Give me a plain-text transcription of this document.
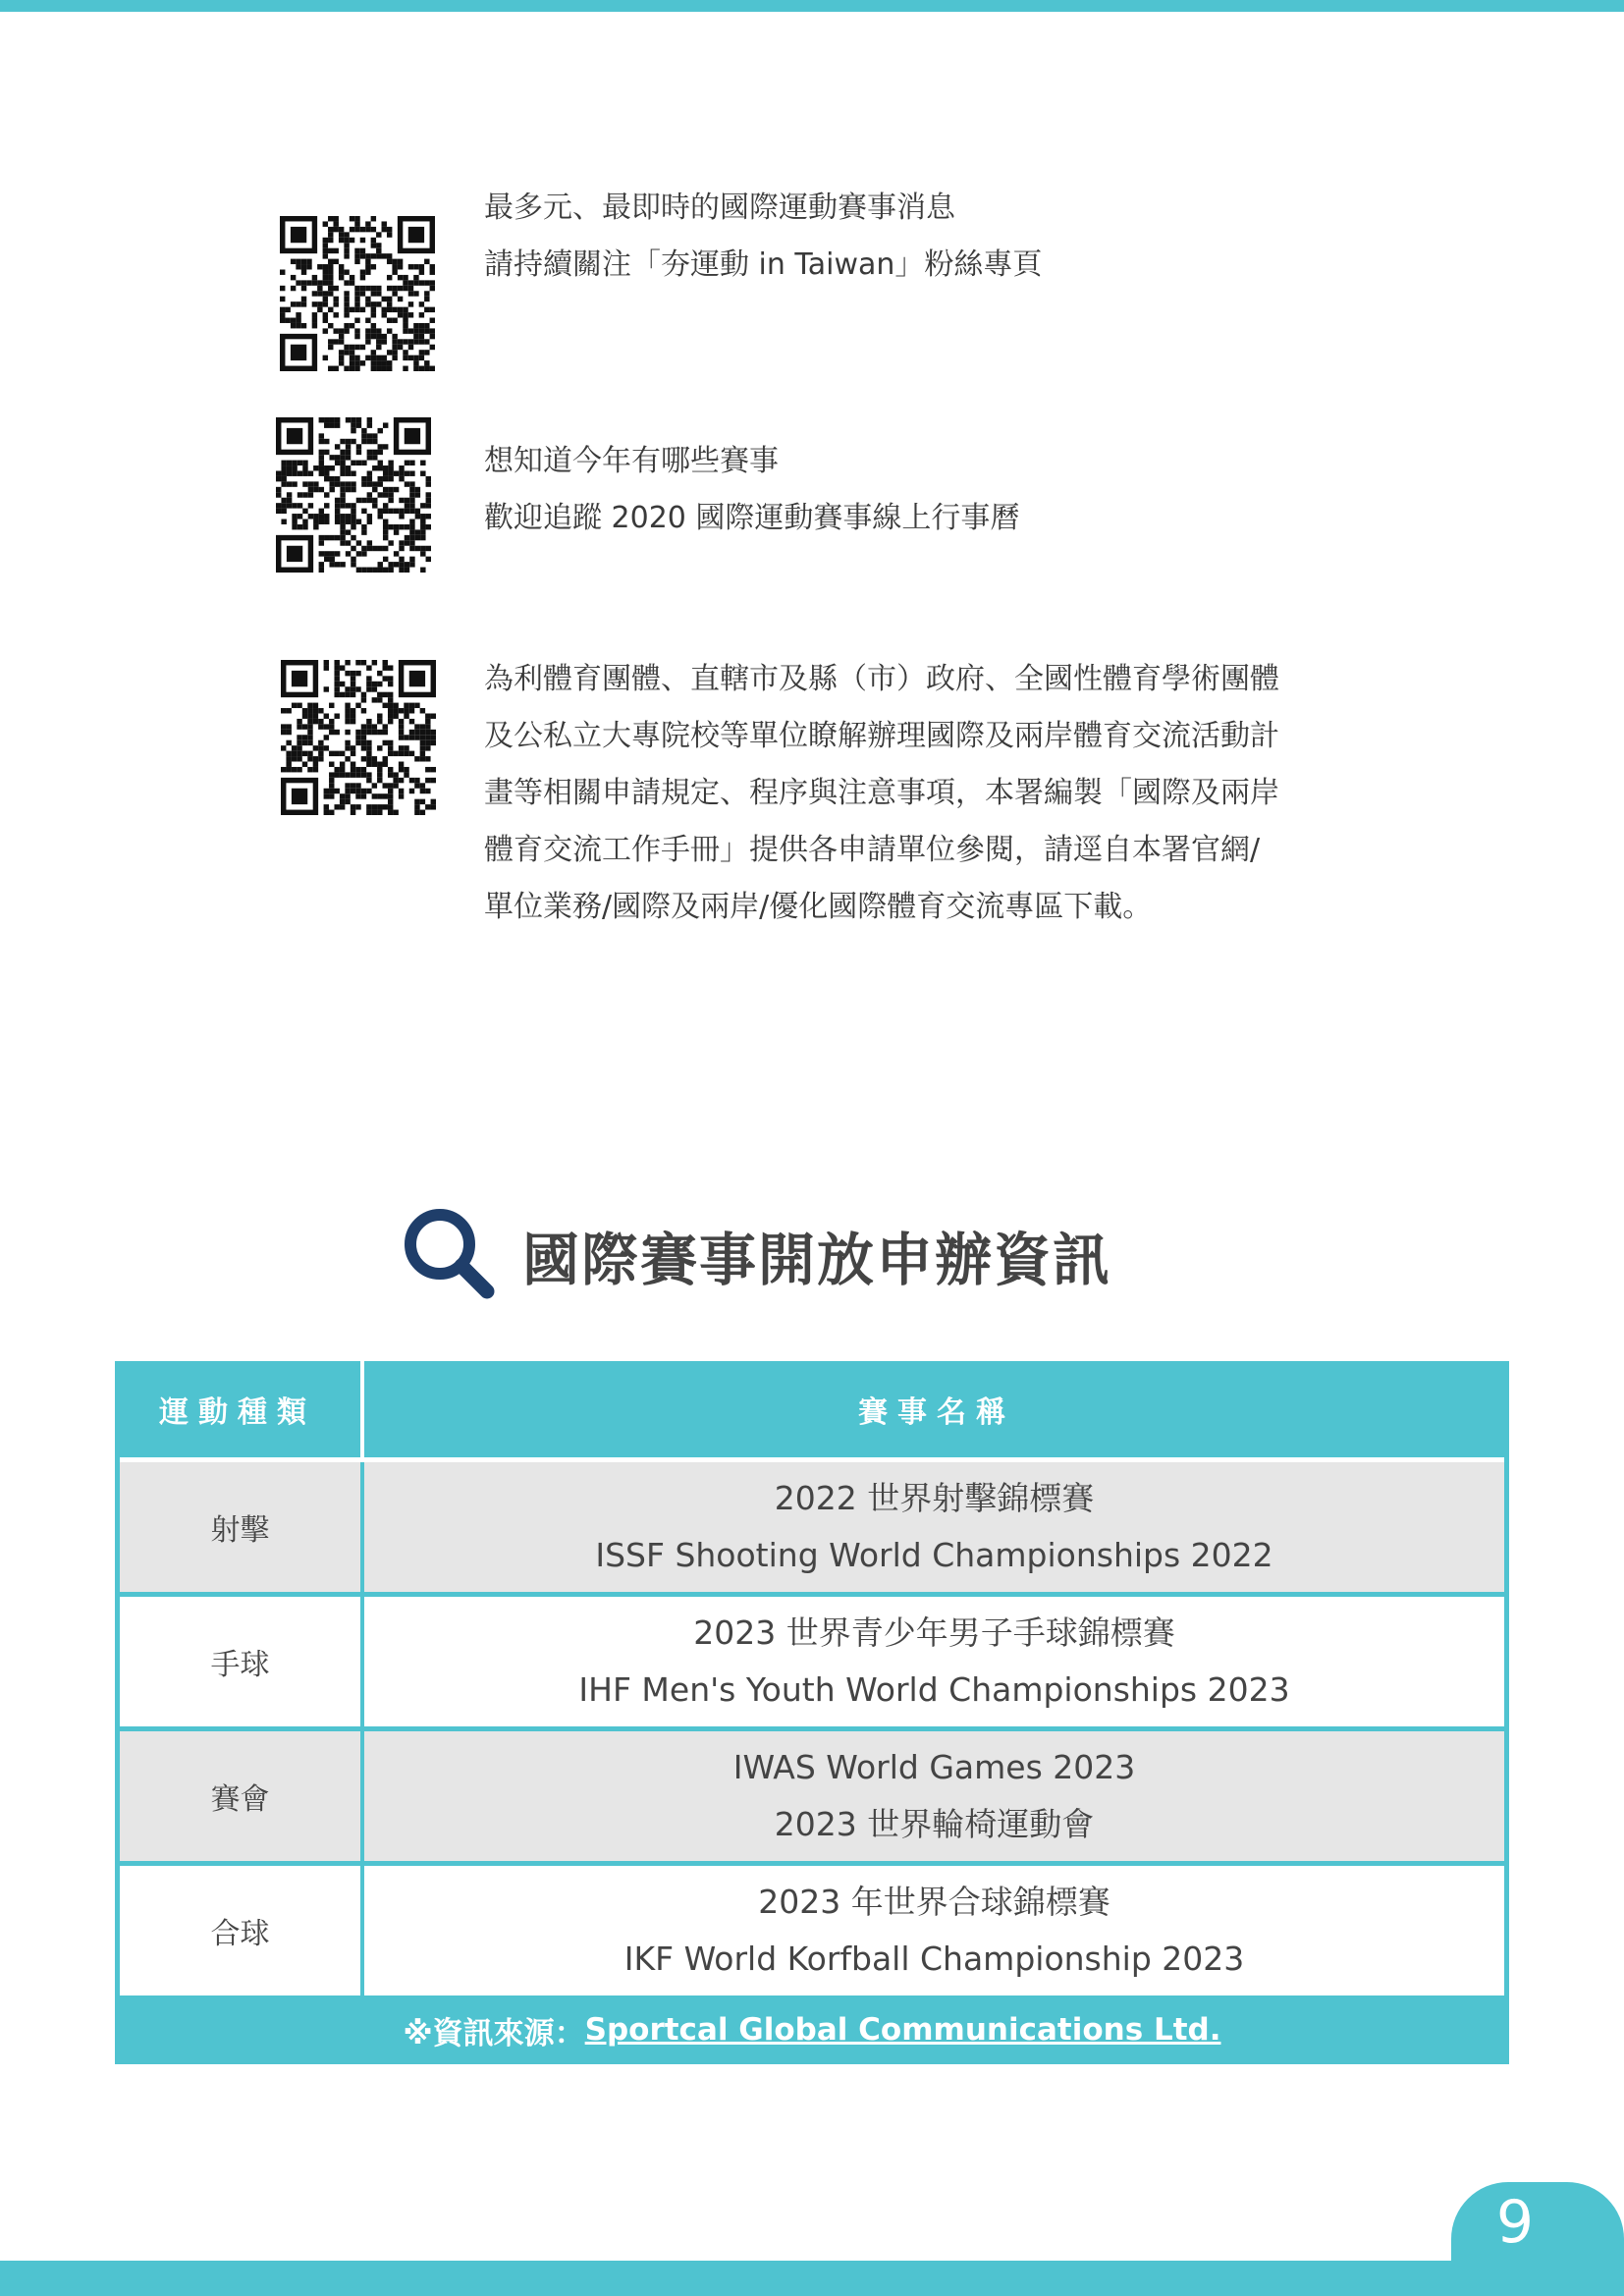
最多元、最即時的國際運動賽事消息

請持續關注「夯運動 in Taiwan」粉絲專頁

想知道今年有哪些賽事

歡迎追蹤 2020 國際運動賽事線上行事曆

為利體育團體、直轄市及縣（市）政府、全國性體育學術團體

及公私立大專院校等單位瞭解辦理國際及兩岸體育交流活動計

畫等相關申請規定、程序與注意事項，本署編製「國際及兩岸

體育交流工作手冊」提供各申請單位參閱，請逕自本署官網/

單位業務/國際及兩岸/優化國際體育交流專區下載。

國際賽事開放申辦資訊
運動種類	賽事名稱
射擊
2022 世界射擊錦標賽
ISSF Shooting World Championships 2022
手球
2023 世界青少年男子手球錦標賽
IHF Men's Youth World Championships 2023
賽會
IWAS World Games 2023
2023 世界輪椅運動會
合球
2023 年世界合球錦標賽
IKF World Korfball Championship 2023
※資訊來源： Sportcal Global Communications Ltd.
9
